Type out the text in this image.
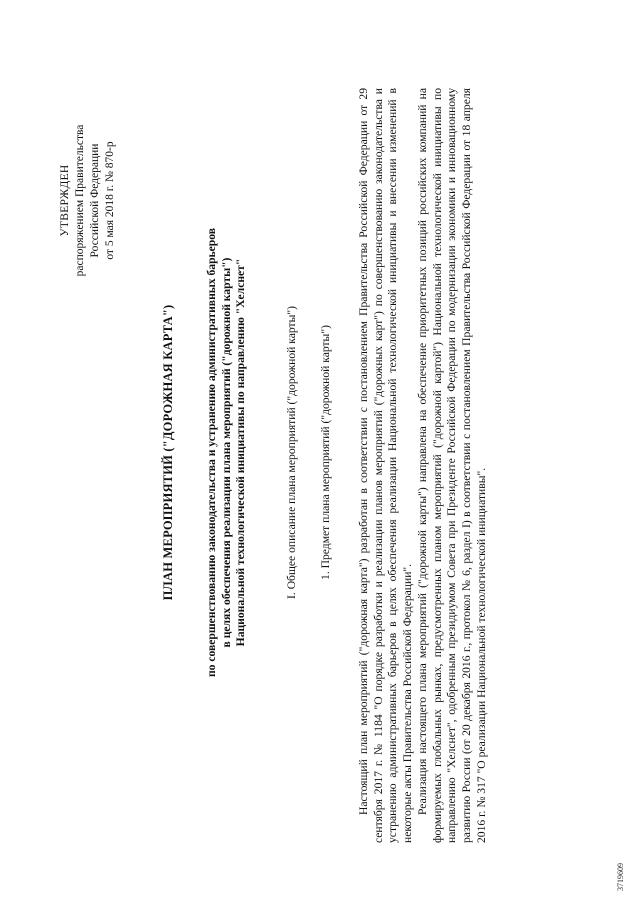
УТВЕРЖДЕН распоряжением Правительства Российской Федерации от 5 мая 2018 г. № 870-р
ПЛАН МЕРОПРИЯТИЙ ("ДОРОЖНАЯ КАРТА")	по совершенствованию законодательства и устранению административных барьеров в целях обеспечения реализации плана мероприятий ("дорожной карты") Национальной технологической инициативы по направлению "Хелснет"	I. Общее описание плана мероприятий ("дорожной карты") 1. Предмет плана мероприятий ("дорожной карты") Настоящий план мероприятий ("дорожная карта") разработан в соответствии с постановлением Правительства Российской Федерации от 29 сентября 2017 г. № 1184 "О порядке разработки и реализации планов мероприятий ("дорожных карт") по совершенствованию законодательства и устранению административных барьеров в целях обеспечения реализации Национальной технологической инициативы и внесении изменений в некоторые акты Правительства Российской Федерации". Реализация настоящего плана мероприятий ("дорожной карты") направлена на обеспечение приоритетных позиций российских компаний на формируемых глобальных рынках, предусмотренных планом мероприятий ("дорожной картой") Национальной технологической инициативы по направлению "Хелснет", одобренным президиумом Совета при Президенте Российской Федерации по модернизации экономики и инновационному развитию России (от 20 декабря 2016 г., протокол № 6, раздел I) в соответствии с постановлением Правительства Российской Федерации от 18 апреля 2016 г. № 317 "О реализации Национальной технологической инициативы".

3719609
